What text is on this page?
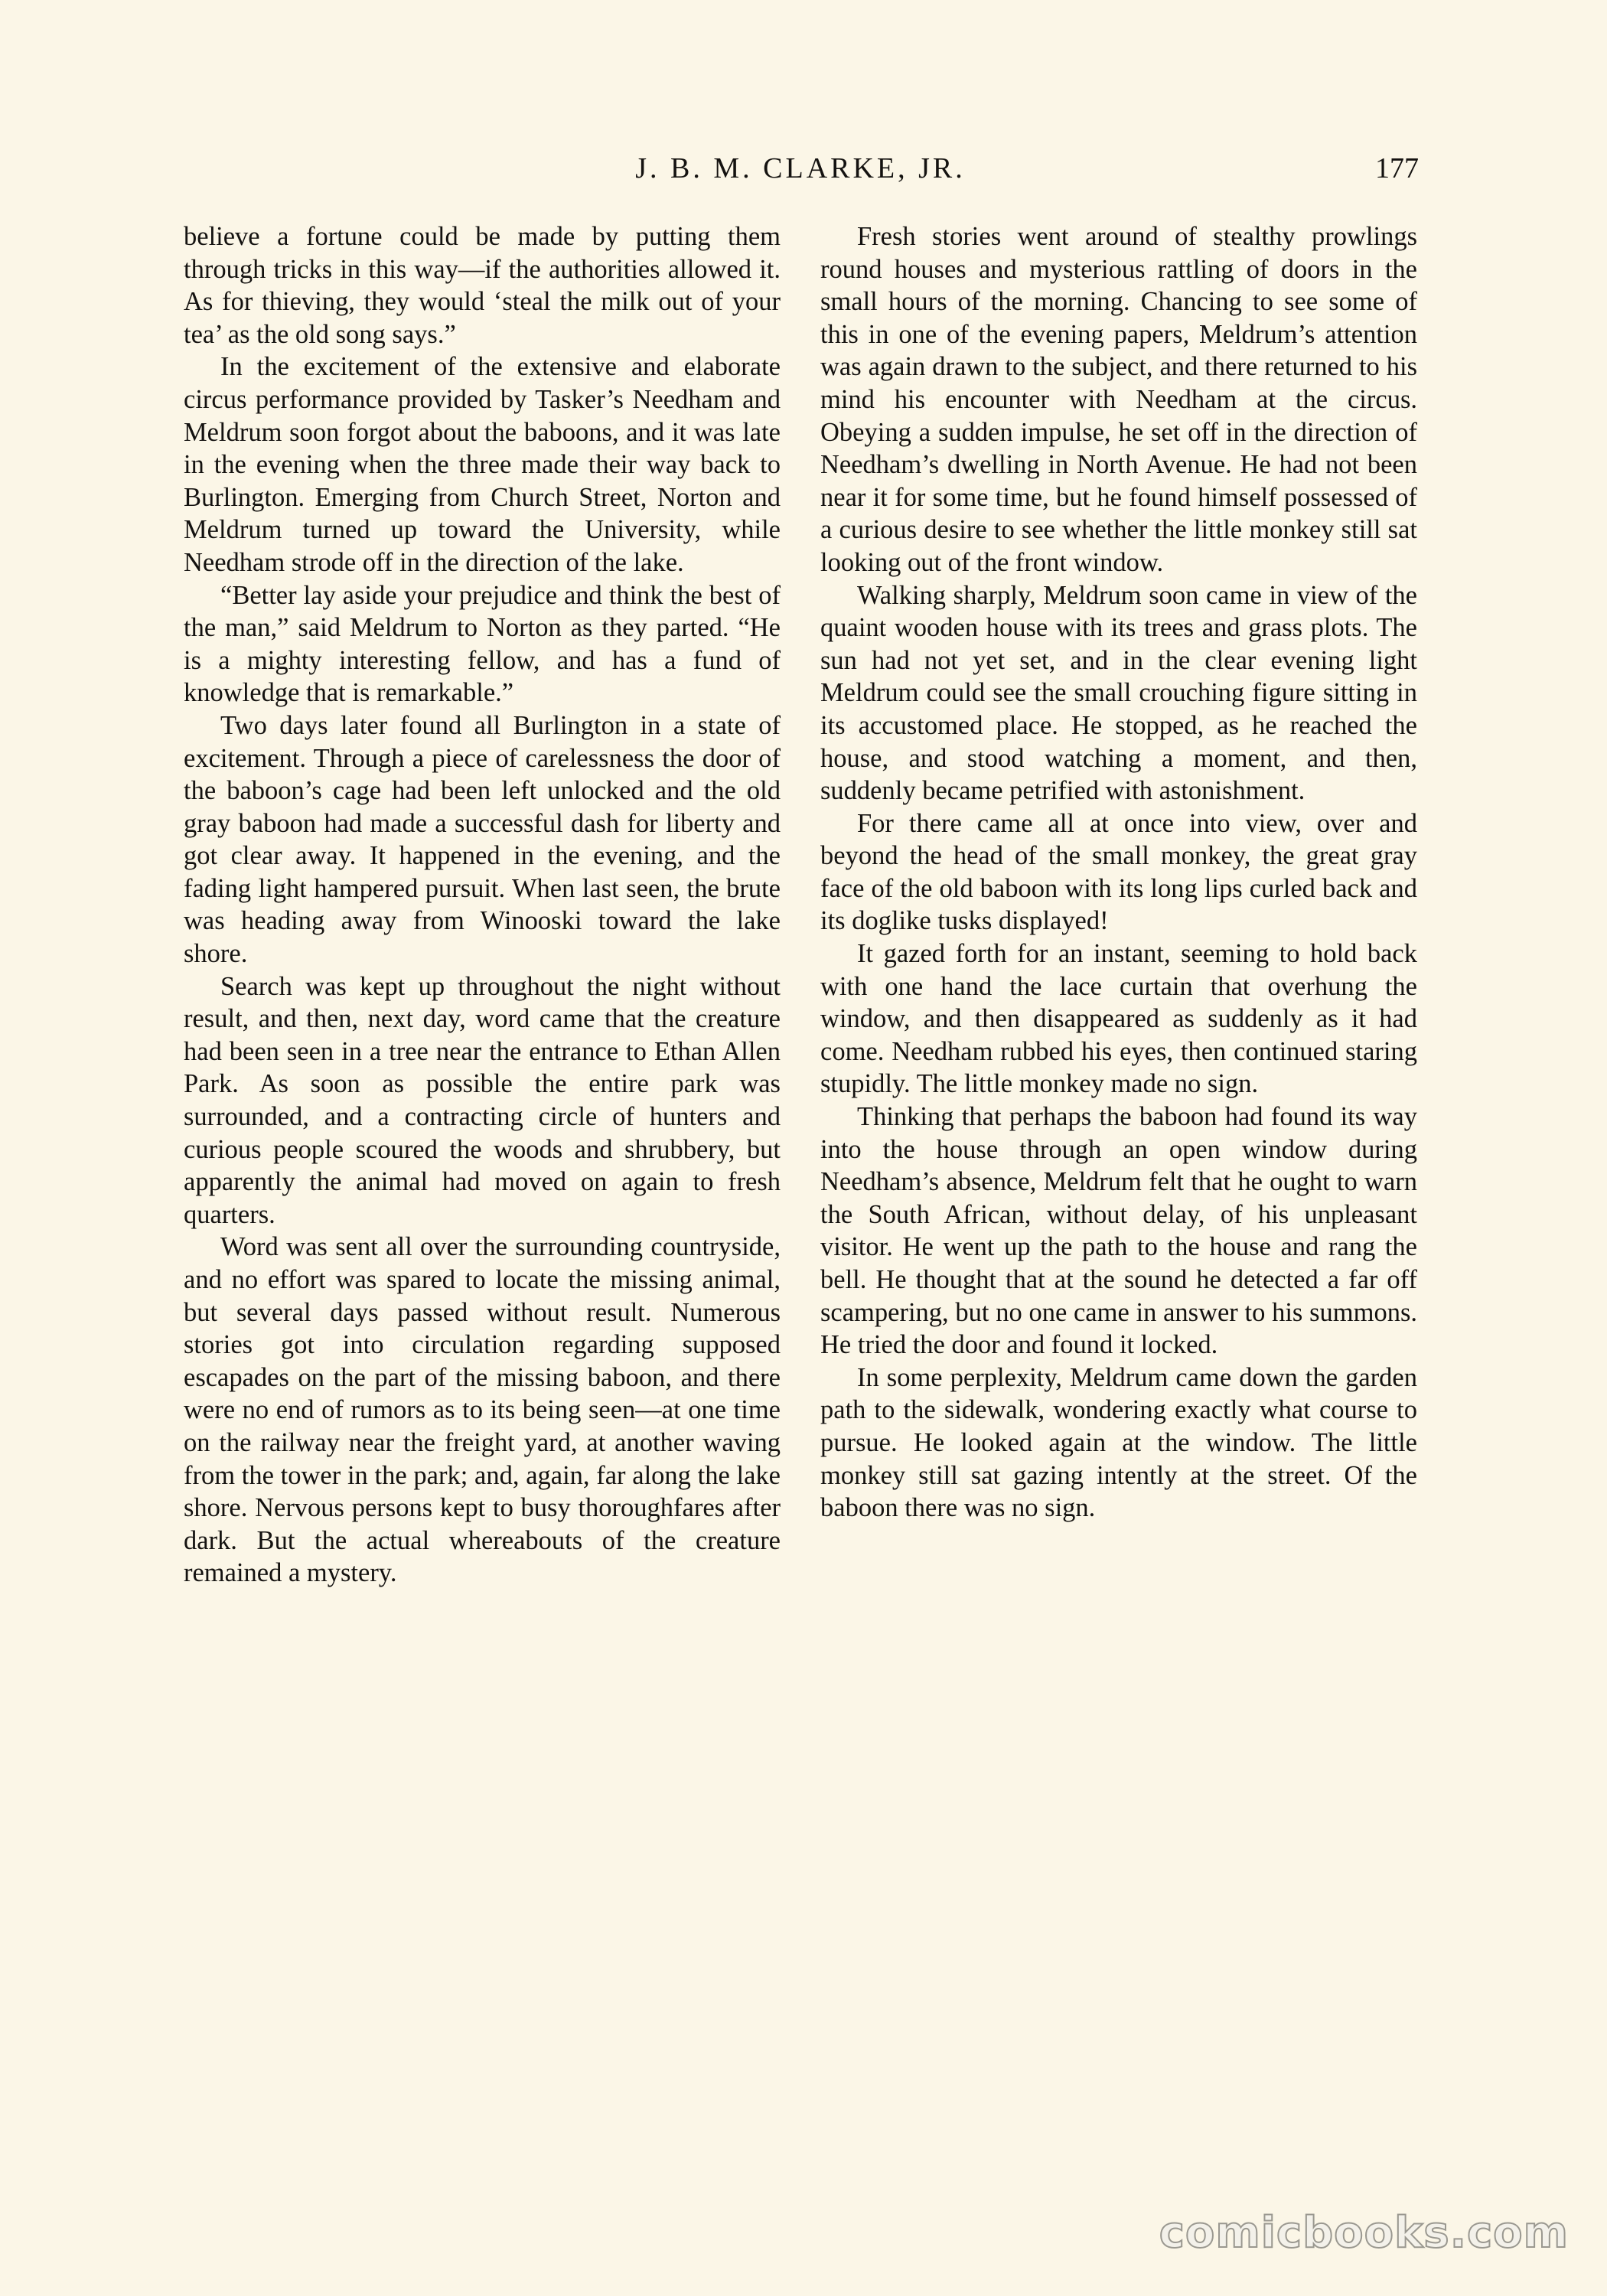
J. B. M. CLARKE, JR.	177

believe a fortune could be made by putting them through tricks in this way—if the authorities allowed it. As for thieving, they would ‘steal the milk out of your tea’ as the old song says.”

In the excitement of the extensive and elaborate circus performance provided by Tasker’s Needham and Meldrum soon forgot about the baboons, and it was late in the evening when the three made their way back to Burlington. Emerging from Church Street, Norton and Meldrum turned up toward the University, while Needham strode off in the direction of the lake.

“Better lay aside your prejudice and think the best of the man,” said Meldrum to Norton as they parted. “He is a mighty interesting fellow, and has a fund of knowledge that is remarkable.”

Two days later found all Burlington in a state of excitement. Through a piece of carelessness the door of the baboon’s cage had been left unlocked and the old gray baboon had made a successful dash for liberty and got clear away. It happened in the evening, and the fading light hampered pursuit. When last seen, the brute was heading away from Winooski toward the lake shore.

Search was kept up throughout the night without result, and then, next day, word came that the creature had been seen in a tree near the entrance to Ethan Allen Park. As soon as possible the entire park was surrounded, and a contracting circle of hunters and curious people scoured the woods and shrubbery, but apparently the animal had moved on again to fresh quarters.

Word was sent all over the surrounding countryside, and no effort was spared to locate the missing animal, but several days passed without result. Numerous stories got into circulation regarding supposed escapades on the part of the missing baboon, and there were no end of rumors as to its being seen—at one time on the railway near the freight yard, at another waving from the tower in the park; and, again, far along the lake shore. Nervous persons kept to busy thoroughfares after dark. But the actual whereabouts of the creature remained a mystery.

Fresh stories went around of stealthy prowlings round houses and mysterious rattling of doors in the small hours of the morning. Chancing to see some of this in one of the evening papers, Meldrum’s attention was again drawn to the subject, and there returned to his mind his encounter with Needham at the circus. Obeying a sudden impulse, he set off in the direction of Needham’s dwelling in North Avenue. He had not been near it for some time, but he found himself possessed of a curious desire to see whether the little monkey still sat looking out of the front window.

Walking sharply, Meldrum soon came in view of the quaint wooden house with its trees and grass plots. The sun had not yet set, and in the clear evening light Meldrum could see the small crouching figure sitting in its accustomed place. He stopped, as he reached the house, and stood watching a moment, and then, suddenly became petrified with astonishment.

For there came all at once into view, over and beyond the head of the small monkey, the great gray face of the old baboon with its long lips curled back and its doglike tusks displayed!

It gazed forth for an instant, seeming to hold back with one hand the lace curtain that overhung the window, and then disappeared as suddenly as it had come. Needham rubbed his eyes, then continued staring stupidly. The little monkey made no sign.

Thinking that perhaps the baboon had found its way into the house through an open window during Needham’s absence, Meldrum felt that he ought to warn the South African, without delay, of his unpleasant visitor. He went up the path to the house and rang the bell. He thought that at the sound he detected a far off scampering, but no one came in answer to his summons. He tried the door and found it locked.

In some perplexity, Meldrum came down the garden path to the sidewalk, wondering exactly what course to pursue. He looked again at the window. The little monkey still sat gazing intently at the street. Of the baboon there was no sign.

comicbooks.com
